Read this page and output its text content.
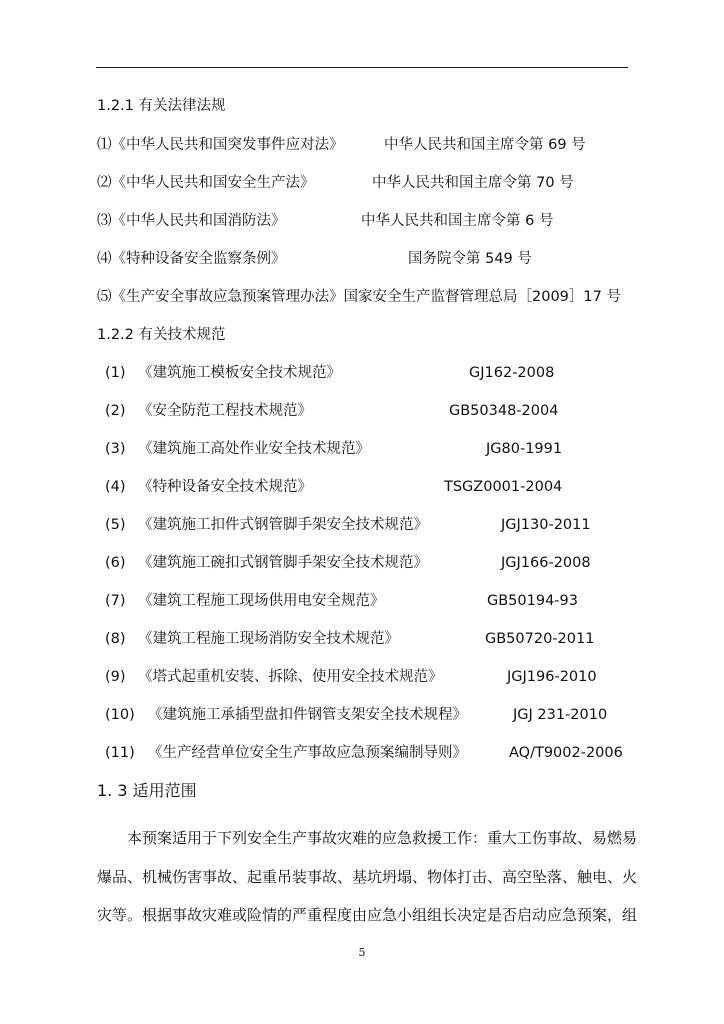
1.2.1 有关法律法规
⑴《中华人民共和国突发事件应对法》	中华人民共和国主席令第 69 号
⑵《中华人民共和国安全生产法》	中华人民共和国主席令第 70 号
⑶《中华人民共和国消防法》	中华人民共和国主席令第 6 号
⑷《特种设备安全监察条例》	国务院令第 549 号
⑸《生产安全事故应急预案管理办法》国家安全生产监督管理总局［2009］17 号
1.2.2 有关技术规范
(1) 《建筑施工模板安全技术规范》	GJ162-2008
(2) 《安全防范工程技术规范》	GB50348-2004
(3) 《建筑施工高处作业安全技术规范》	JG80-1991
(4) 《特种设备安全技术规范》	TSGZ0001-2004
(5) 《建筑施工扣件式钢管脚手架安全技术规范》	JGJ130-2011
(6) 《建筑施工碗扣式钢管脚手架安全技术规范》	JGJ166-2008
(7) 《建筑工程施工现场供用电安全规范》	GB50194-93
(8) 《建筑工程施工现场消防安全技术规范》	GB50720-2011
(9) 《塔式起重机安装、拆除、使用安全技术规范》	JGJ196-2010
(10) 《建筑施工承插型盘扣件钢管支架安全技术规程》	JGJ 231-2010
(11) 《生产经营单位安全生产事故应急预案编制导则》	AQ/T9002-2006
1. 3 适用范围
本预案适用于下列安全生产事故灾难的应急救援工作：重大工伤事故、易燃易
爆品、机械伤害事故、起重吊装事故、基坑坍塌、物体打击、高空坠落、触电、火
灾等。根据事故灾难或险情的严重程度由应急小组组长决定是否启动应急预案，组
5
